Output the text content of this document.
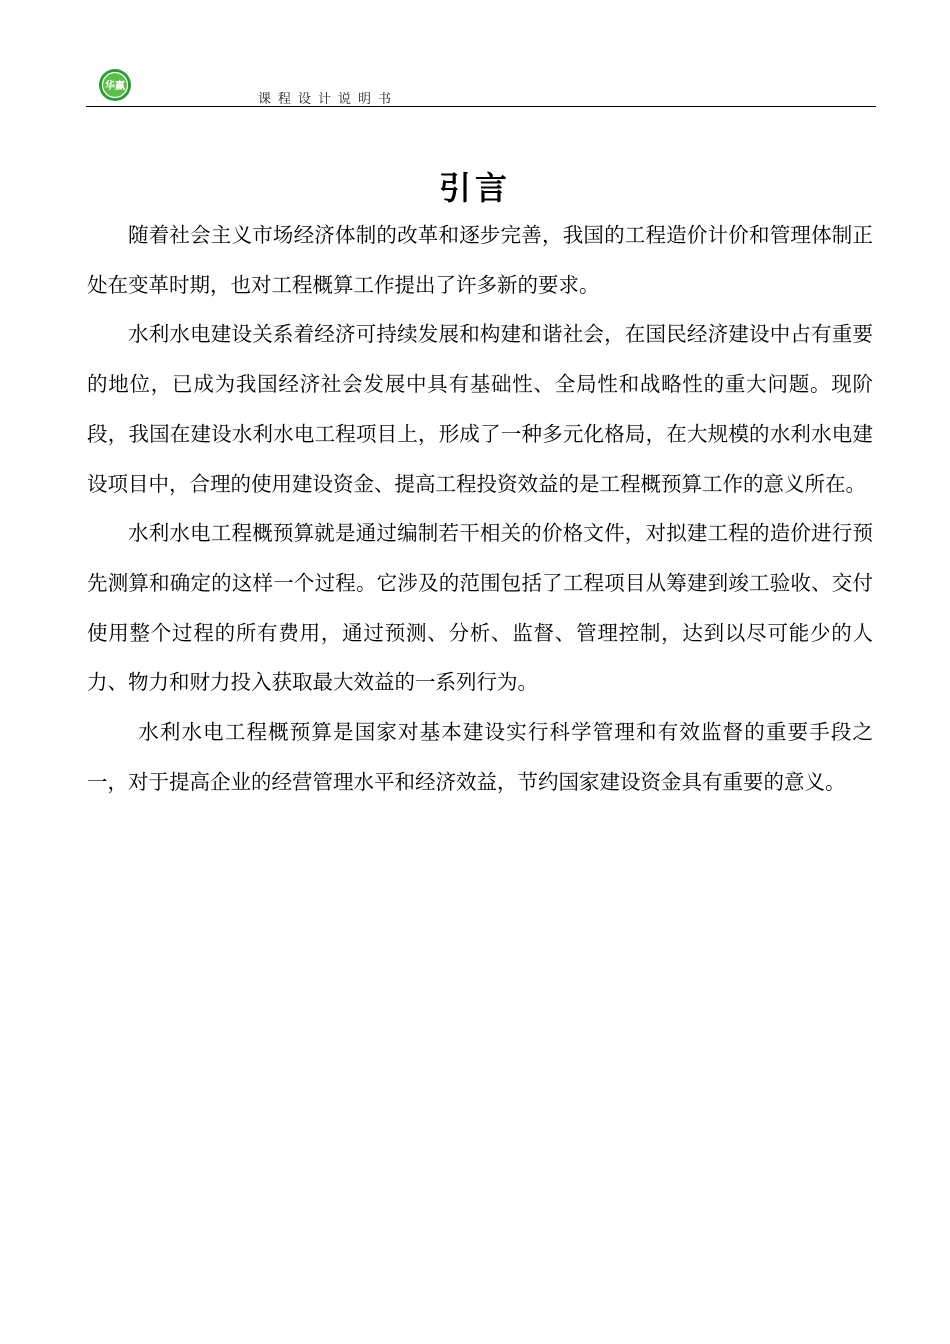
华赢
课程设计说明书
引言

随着社会主义市场经济体制的改革和逐步完善，我国的工程造价计价和管理体制正处在变革时期，也对工程概算工作提出了许多新的要求。

水利水电建设关系着经济可持续发展和构建和谐社会，在国民经济建设中占有重要的地位，已成为我国经济社会发展中具有基础性、全局性和战略性的重大问题。现阶段，我国在建设水利水电工程项目上，形成了一种多元化格局，在大规模的水利水电建设项目中，合理的使用建设资金、提高工程投资效益的是工程概预算工作的意义所在。

水利水电工程概预算就是通过编制若干相关的价格文件，对拟建工程的造价进行预先测算和确定的这样一个过程。它涉及的范围包括了工程项目从筹建到竣工验收、交付使用整个过程的所有费用，通过预测、分析、监督、管理控制，达到以尽可能少的人力、物力和财力投入获取最大效益的一系列行为。

水利水电工程概预算是国家对基本建设实行科学管理和有效监督的重要手段之一，对于提高企业的经营管理水平和经济效益，节约国家建设资金具有重要的意义。
